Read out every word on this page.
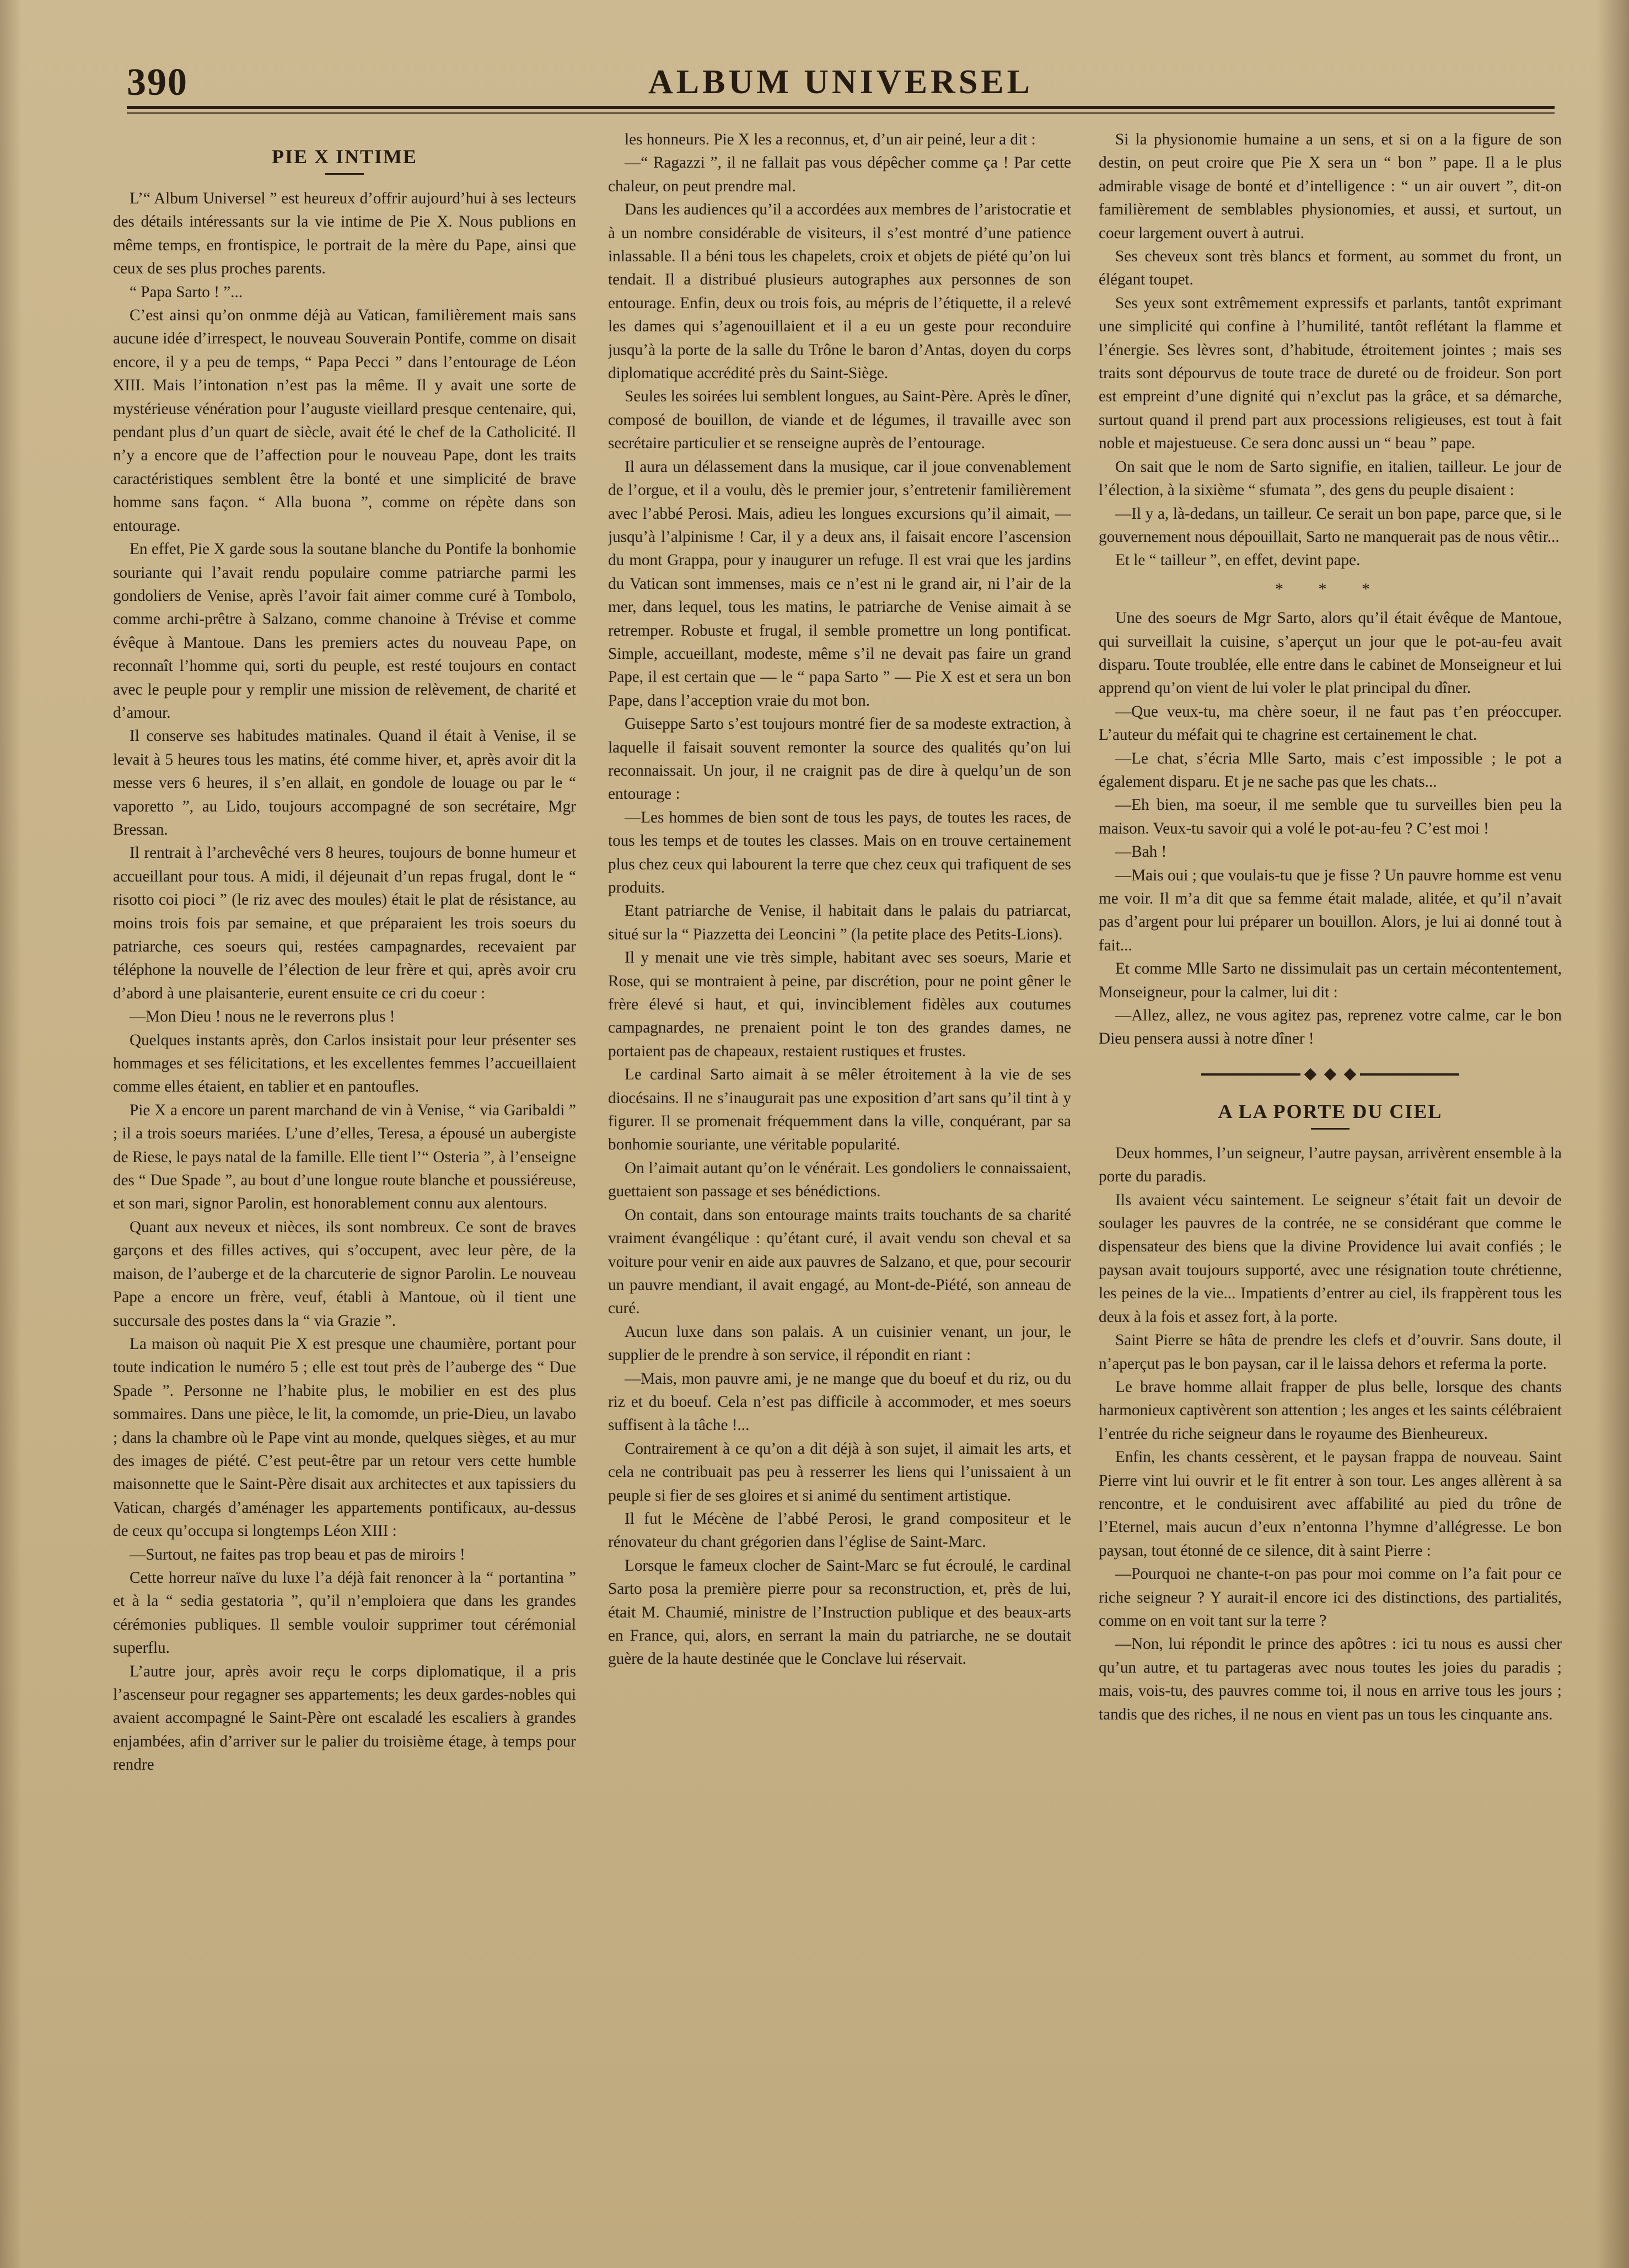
390	ALBUM UNIVERSEL
PIE X INTIME

L’“ Album Universel ” est heureux d’offrir aujourd’hui à ses lecteurs des détails intéressants sur la vie intime de Pie X. Nous publions en même temps, en frontispice, le portrait de la mère du Pape, ainsi que ceux de ses plus proches parents.

“ Papa Sarto ! ”...

C’est ainsi qu’on onmme déjà au Vatican, familièrement mais sans aucune idée d’irrespect, le nouveau Souverain Pontife, comme on disait encore, il y a peu de temps, “ Papa Pecci ” dans l’entourage de Léon XIII. Mais l’intonation n’est pas la même. Il y avait une sorte de mystérieuse vénération pour l’auguste vieillard presque centenaire, qui, pendant plus d’un quart de siècle, avait été le chef de la Catholicité. Il n’y a encore que de l’affection pour le nouveau Pape, dont les traits caractéristiques semblent être la bonté et une simplicité de brave homme sans façon. “ Alla buona ”, comme on répète dans son entourage.

En effet, Pie X garde sous la soutane blanche du Pontife la bonhomie souriante qui l’avait rendu populaire comme patriarche parmi les gondoliers de Venise, après l’avoir fait aimer comme curé à Tombolo, comme archi-prêtre à Salzano, comme chanoine à Trévise et comme évêque à Mantoue. Dans les premiers actes du nouveau Pape, on reconnaît l’homme qui, sorti du peuple, est resté toujours en contact avec le peuple pour y remplir une mission de relèvement, de charité et d’amour.

Il conserve ses habitudes matinales. Quand il était à Venise, il se levait à 5 heures tous les matins, été comme hiver, et, après avoir dit la messe vers 6 heures, il s’en allait, en gondole de louage ou par le “ vaporetto ”, au Lido, toujours accompagné de son secrétaire, Mgr Bressan.

Il rentrait à l’archevêché vers 8 heures, toujours de bonne humeur et accueillant pour tous. A midi, il déjeunait d’un repas frugal, dont le “ risotto coi pioci ” (le riz avec des moules) était le plat de résistance, au moins trois fois par semaine, et que préparaient les trois soeurs du patriarche, ces soeurs qui, restées campagnardes, recevaient par téléphone la nouvelle de l’élection de leur frère et qui, après avoir cru d’abord à une plaisanterie, eurent ensuite ce cri du coeur :

—Mon Dieu ! nous ne le reverrons plus !

Quelques instants après, don Carlos insistait pour leur présenter ses hommages et ses félicitations, et les excellentes femmes l’accueillaient comme elles étaient, en tablier et en pantoufles.

Pie X a encore un parent marchand de vin à Venise, “ via Garibaldi ” ; il a trois soeurs mariées. L’une d’elles, Teresa, a épousé un aubergiste de Riese, le pays natal de la famille. Elle tient l’“ Osteria ”, à l’enseigne des “ Due Spade ”, au bout d’une longue route blanche et poussiéreuse, et son mari, signor Parolin, est honorablement connu aux alentours.

Quant aux neveux et nièces, ils sont nombreux. Ce sont de braves garçons et des filles actives, qui s’occupent, avec leur père, de la maison, de l’auberge et de la charcuterie de signor Parolin. Le nouveau Pape a encore un frère, veuf, établi à Mantoue, où il tient une succursale des postes dans la “ via Grazie ”.

La maison où naquit Pie X est presque une chaumière, portant pour toute indication le numéro 5 ; elle est tout près de l’auberge des “ Due Spade ”. Personne ne l’habite plus, le mobilier en est des plus sommaires. Dans une pièce, le lit, la comomde, un prie-Dieu, un lavabo ; dans la chambre où le Pape vint au monde, quelques sièges, et au mur des images de piété. C’est peut-être par un retour vers cette humble maisonnette que le Saint-Père disait aux architectes et aux tapissiers du Vatican, chargés d’aménager les appartements pontificaux, au-dessus de ceux qu’occupa si longtemps Léon XIII :

—Surtout, ne faites pas trop beau et pas de miroirs !

Cette horreur naïve du luxe l’a déjà fait renoncer à la “ portantina ” et à la “ sedia gestatoria ”, qu’il n’emploiera que dans les grandes cérémonies publiques. Il semble vouloir supprimer tout cérémonial superflu.

L’autre jour, après avoir reçu le corps diplomatique, il a pris l’ascenseur pour regagner ses appartements; les deux gardes-nobles qui avaient accompagné le Saint-Père ont escaladé les escaliers à grandes enjambées, afin d’arriver sur le palier du troisième étage, à temps pour rendre

les honneurs. Pie X les a reconnus, et, d’un air peiné, leur a dit :

—“ Ragazzi ”, il ne fallait pas vous dépêcher comme ça ! Par cette chaleur, on peut prendre mal.

Dans les audiences qu’il a accordées aux membres de l’aristocratie et à un nombre considérable de visiteurs, il s’est montré d’une patience inlassable. Il a béni tous les chapelets, croix et objets de piété qu’on lui tendait. Il a distribué plusieurs autographes aux personnes de son entourage. Enfin, deux ou trois fois, au mépris de l’étiquette, il a relevé les dames qui s’agenouillaient et il a eu un geste pour reconduire jusqu’à la porte de la salle du Trône le baron d’Antas, doyen du corps diplomatique accrédité près du Saint-Siège.

Seules les soirées lui semblent longues, au Saint-Père. Après le dîner, composé de bouillon, de viande et de légumes, il travaille avec son secrétaire particulier et se renseigne auprès de l’entourage.

Il aura un délassement dans la musique, car il joue convenablement de l’orgue, et il a voulu, dès le premier jour, s’entretenir familièrement avec l’abbé Perosi. Mais, adieu les longues excursions qu’il aimait, — jusqu’à l’alpinisme ! Car, il y a deux ans, il faisait encore l’ascension du mont Grappa, pour y inaugurer un refuge. Il est vrai que les jardins du Vatican sont immenses, mais ce n’est ni le grand air, ni l’air de la mer, dans lequel, tous les matins, le patriarche de Venise aimait à se retremper. Robuste et frugal, il semble promettre un long pontificat. Simple, accueillant, modeste, même s’il ne devait pas faire un grand Pape, il est certain que — le “ papa Sarto ” — Pie X est et sera un bon Pape, dans l’acception vraie du mot bon.

Guiseppe Sarto s’est toujours montré fier de sa modeste extraction, à laquelle il faisait souvent remonter la source des qualités qu’on lui reconnaissait. Un jour, il ne craignit pas de dire à quelqu’un de son entourage :

—Les hommes de bien sont de tous les pays, de toutes les races, de tous les temps et de toutes les classes. Mais on en trouve certainement plus chez ceux qui labourent la terre que chez ceux qui trafiquent de ses produits.

Etant patriarche de Venise, il habitait dans le palais du patriarcat, situé sur la “ Piazzetta dei Leoncini ” (la petite place des Petits-Lions).

Il y menait une vie très simple, habitant avec ses soeurs, Marie et Rose, qui se montraient à peine, par discrétion, pour ne point gêner le frère élevé si haut, et qui, invinciblement fidèles aux coutumes campagnardes, ne prenaient point le ton des grandes dames, ne portaient pas de chapeaux, restaient rustiques et frustes.

Le cardinal Sarto aimait à se mêler étroitement à la vie de ses diocésains. Il ne s’inaugurait pas une exposition d’art sans qu’il tint à y figurer. Il se promenait fréquemment dans la ville, conquérant, par sa bonhomie souriante, une véritable popularité.

On l’aimait autant qu’on le vénérait. Les gondoliers le connaissaient, guettaient son passage et ses bénédictions.

On contait, dans son entourage maints traits touchants de sa charité vraiment évangélique : qu’étant curé, il avait vendu son cheval et sa voiture pour venir en aide aux pauvres de Salzano, et que, pour secourir un pauvre mendiant, il avait engagé, au Mont-de-Piété, son anneau de curé.

Aucun luxe dans son palais. A un cuisinier venant, un jour, le supplier de le prendre à son service, il répondit en riant :

—Mais, mon pauvre ami, je ne mange que du boeuf et du riz, ou du riz et du boeuf. Cela n’est pas difficile à accommoder, et mes soeurs suffisent à la tâche !...

Contrairement à ce qu’on a dit déjà à son sujet, il aimait les arts, et cela ne contribuait pas peu à resserrer les liens qui l’unissaient à un peuple si fier de ses gloires et si animé du sentiment artistique.

Il fut le Mécène de l’abbé Perosi, le grand compositeur et le rénovateur du chant grégorien dans l’église de Saint-Marc.

Lorsque le fameux clocher de Saint-Marc se fut écroulé, le cardinal Sarto posa la première pierre pour sa reconstruction, et, près de lui, était M. Chaumié, ministre de l’Instruction publique et des beaux-arts en France, qui, alors, en serrant la main du patriarche, ne se doutait guère de la haute destinée que le Conclave lui réservait.

Si la physionomie humaine a un sens, et si on a la figure de son destin, on peut croire que Pie X sera un “ bon ” pape. Il a le plus admirable visage de bonté et d’intelligence : “ un air ouvert ”, dit-on familièrement de semblables physionomies, et aussi, et surtout, un coeur largement ouvert à autrui.

Ses cheveux sont très blancs et forment, au sommet du front, un élégant toupet.

Ses yeux sont extrêmement expressifs et parlants, tantôt exprimant une simplicité qui confine à l’humilité, tantôt reflétant la flamme et l’énergie. Ses lèvres sont, d’habitude, étroitement jointes ; mais ses traits sont dépourvus de toute trace de dureté ou de froideur. Son port est empreint d’une dignité qui n’exclut pas la grâce, et sa démarche, surtout quand il prend part aux processions religieuses, est tout à fait noble et majestueuse. Ce sera donc aussi un “ beau ” pape.

On sait que le nom de Sarto signifie, en italien, tailleur. Le jour de l’élection, à la sixième “ sfumata ”, des gens du peuple disaient :

—Il y a, là-dedans, un tailleur. Ce serait un bon pape, parce que, si le gouvernement nous dépouillait, Sarto ne manquerait pas de nous vêtir...

Et le “ tailleur ”, en effet, devint pape.

* * *

Une des soeurs de Mgr Sarto, alors qu’il était évêque de Mantoue, qui surveillait la cuisine, s’aperçut un jour que le pot-au-feu avait disparu. Toute troublée, elle entre dans le cabinet de Monseigneur et lui apprend qu’on vient de lui voler le plat principal du dîner.

—Que veux-tu, ma chère soeur, il ne faut pas t’en préoccuper. L’auteur du méfait qui te chagrine est certainement le chat.

—Le chat, s’écria Mlle Sarto, mais c’est impossible ; le pot a également disparu. Et je ne sache pas que les chats...

—Eh bien, ma soeur, il me semble que tu surveilles bien peu la maison. Veux-tu savoir qui a volé le pot-au-feu ? C’est moi !

—Bah !

—Mais oui ; que voulais-tu que je fisse ? Un pauvre homme est venu me voir. Il m’a dit que sa femme était malade, alitée, et qu’il n’avait pas d’argent pour lui préparer un bouillon. Alors, je lui ai donné tout à fait...

Et comme Mlle Sarto ne dissimulait pas un certain mécontentement, Monseigneur, pour la calmer, lui dit :

—Allez, allez, ne vous agitez pas, reprenez votre calme, car le bon Dieu pensera aussi à notre dîner !

A LA PORTE DU CIEL

Deux hommes, l’un seigneur, l’autre paysan, arrivèrent ensemble à la porte du paradis.

Ils avaient vécu saintement. Le seigneur s’était fait un devoir de soulager les pauvres de la contrée, ne se considérant que comme le dispensateur des biens que la divine Providence lui avait confiés ; le paysan avait toujours supporté, avec une résignation toute chrétienne, les peines de la vie... Impatients d’entrer au ciel, ils frappèrent tous les deux à la fois et assez fort, à la porte.

Saint Pierre se hâta de prendre les clefs et d’ouvrir. Sans doute, il n’aperçut pas le bon paysan, car il le laissa dehors et referma la porte.

Le brave homme allait frapper de plus belle, lorsque des chants harmonieux captivèrent son attention ; les anges et les saints célébraient l’entrée du riche seigneur dans le royaume des Bienheureux.

Enfin, les chants cessèrent, et le paysan frappa de nouveau. Saint Pierre vint lui ouvrir et le fit entrer à son tour. Les anges allèrent à sa rencontre, et le conduisirent avec affabilité au pied du trône de l’Eternel, mais aucun d’eux n’entonna l’hymne d’allégresse. Le bon paysan, tout étonné de ce silence, dit à saint Pierre :

—Pourquoi ne chante-t-on pas pour moi comme on l’a fait pour ce riche seigneur ? Y aurait-il encore ici des distinctions, des partialités, comme on en voit tant sur la terre ?

—Non, lui répondit le prince des apôtres : ici tu nous es aussi cher qu’un autre, et tu partageras avec nous toutes les joies du paradis ; mais, vois-tu, des pauvres comme toi, il nous en arrive tous les jours ; tandis que des riches, il ne nous en vient pas un tous les cinquante ans.
